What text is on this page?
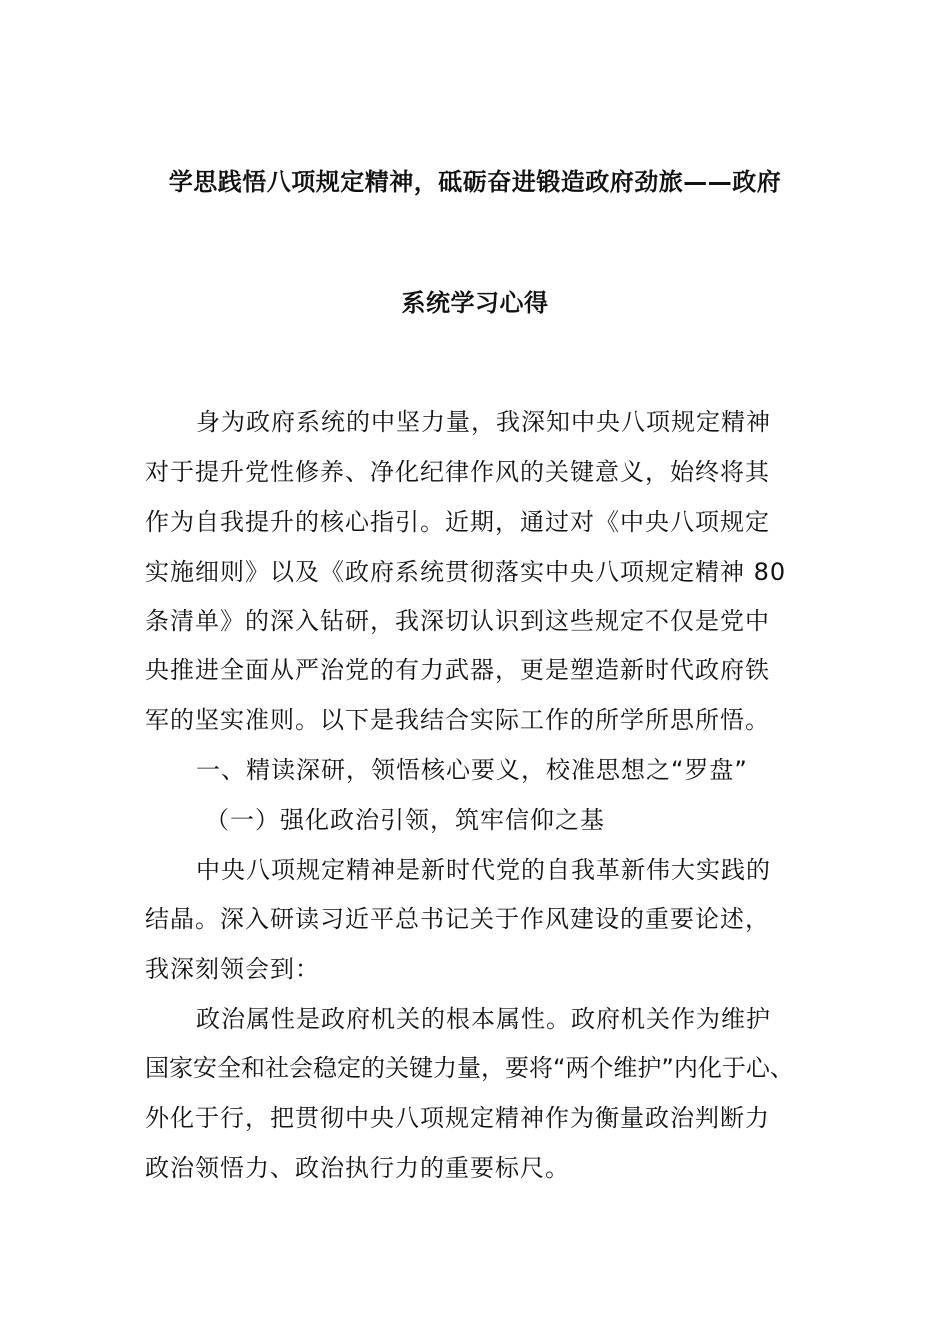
学思践悟八项规定精神，砥砺奋进锻造政府劲旅——政府
系统学习心得
身为政府系统的中坚力量，我深知中央八项规定精神
对于提升党性修养、净化纪律作风的关键意义，始终将其
作为自我提升的核心指引。近期，通过对《中央八项规定
实施细则》以及《政府系统贯彻落实中央八项规定精神 80
条清单》的深入钻研，我深切认识到这些规定不仅是党中
央推进全面从严治党的有力武器，更是塑造新时代政府铁
军的坚实准则。以下是我结合实际工作的所学所思所悟。
一、精读深研，领悟核心要义，校准思想之“罗盘”
（一）强化政治引领，筑牢信仰之基
中央八项规定精神是新时代党的自我革新伟大实践的
结晶。深入研读习近平总书记关于作风建设的重要论述，
我深刻领会到：
政治属性是政府机关的根本属性。政府机关作为维护
国家安全和社会稳定的关键力量，要将“两个维护”内化于心、
外化于行，把贯彻中央八项规定精神作为衡量政治判断力
政治领悟力、政治执行力的重要标尺。
